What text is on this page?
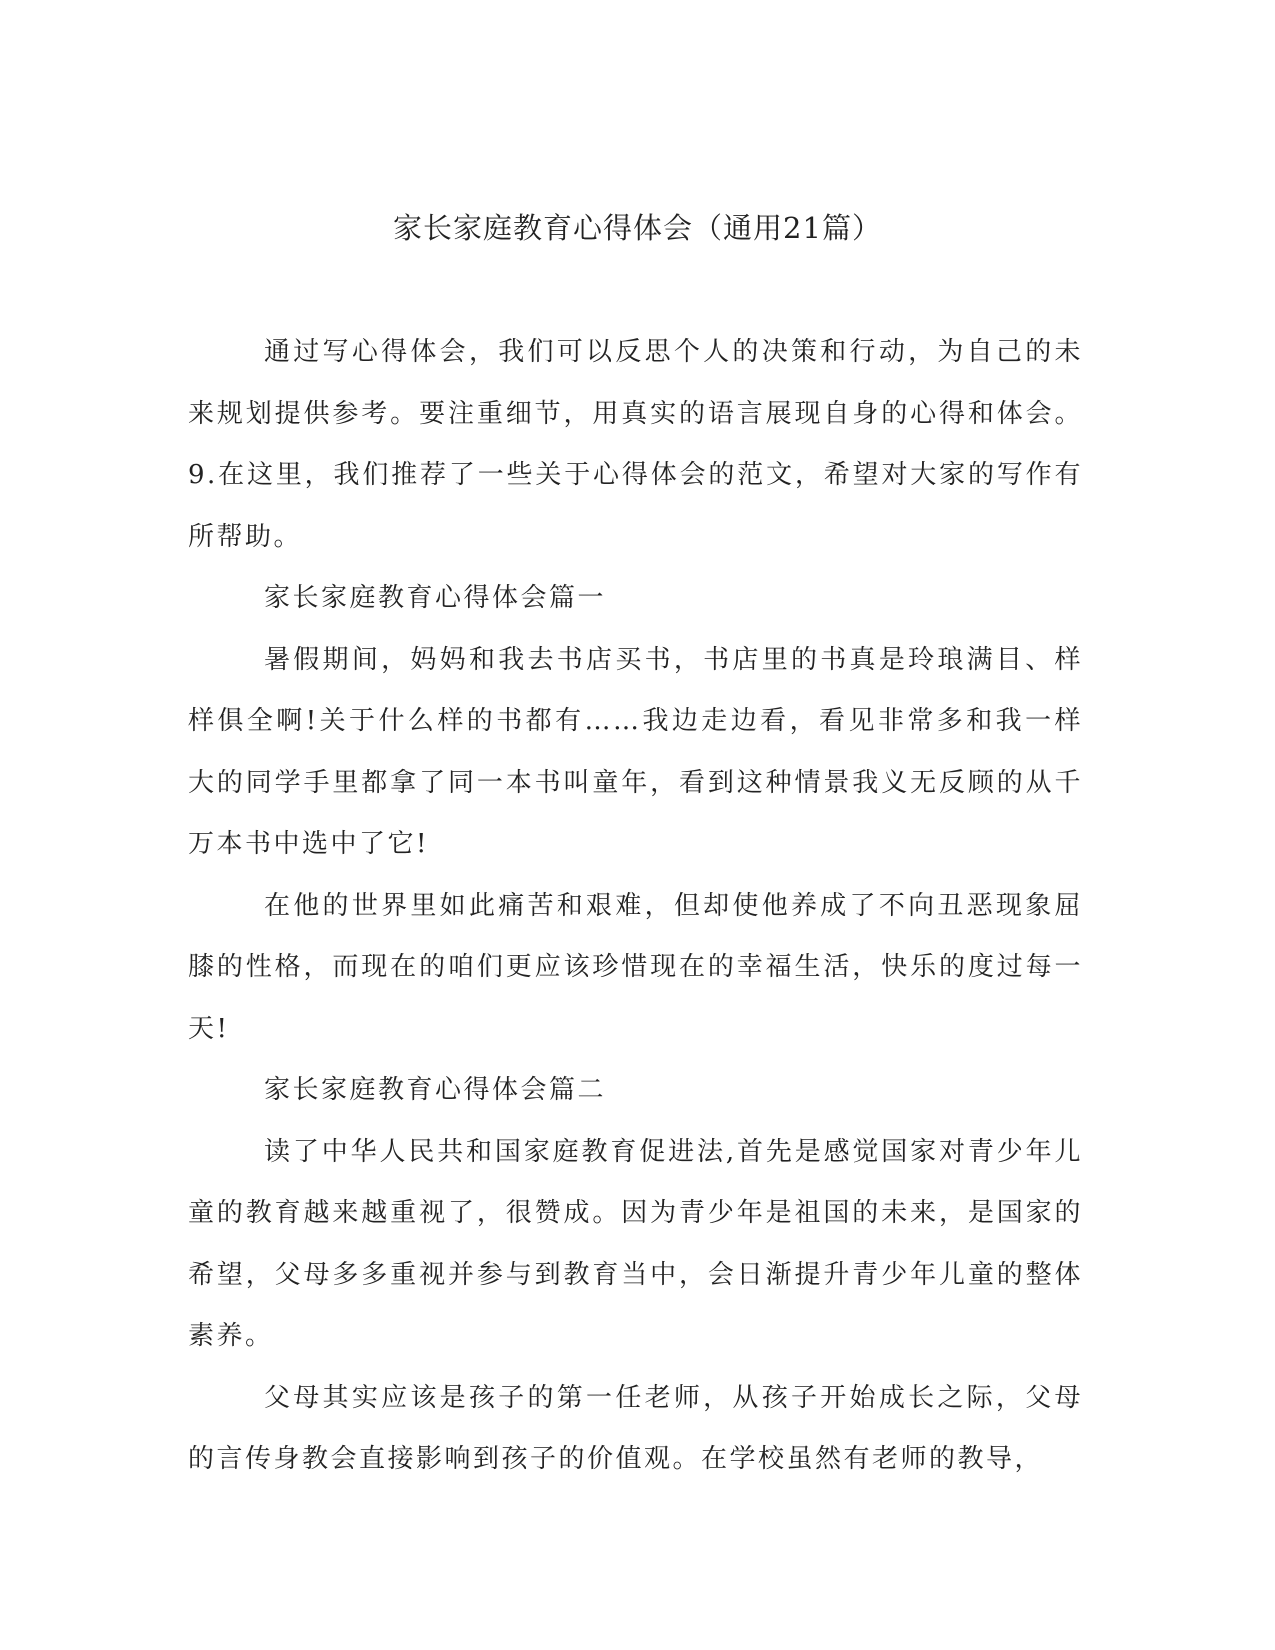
家长家庭教育心得体会（通用21篇）

通过写心得体会，我们可以反思个人的决策和行动，为自己的未来规划提供参考。要注重细节，用真实的语言展现自身的心得和体会。9.在这里，我们推荐了一些关于心得体会的范文，希望对大家的写作有所帮助。

家长家庭教育心得体会篇一

暑假期间，妈妈和我去书店买书，书店里的书真是玲琅满目、样样俱全啊!关于什么样的书都有……我边走边看，看见非常多和我一样大的同学手里都拿了同一本书叫童年，看到这种情景我义无反顾的从千万本书中选中了它!

在他的世界里如此痛苦和艰难，但却使他养成了不向丑恶现象屈膝的性格，而现在的咱们更应该珍惜现在的幸福生活，快乐的度过每一天!

家长家庭教育心得体会篇二

读了中华人民共和国家庭教育促进法,首先是感觉国家对青少年儿童的教育越来越重视了，很赞成。因为青少年是祖国的未来，是国家的希望，父母多多重视并参与到教育当中，会日渐提升青少年儿童的整体素养。

父母其实应该是孩子的第一任老师，从孩子开始成长之际，父母的言传身教会直接影响到孩子的价值观。在学校虽然有老师的教导，
